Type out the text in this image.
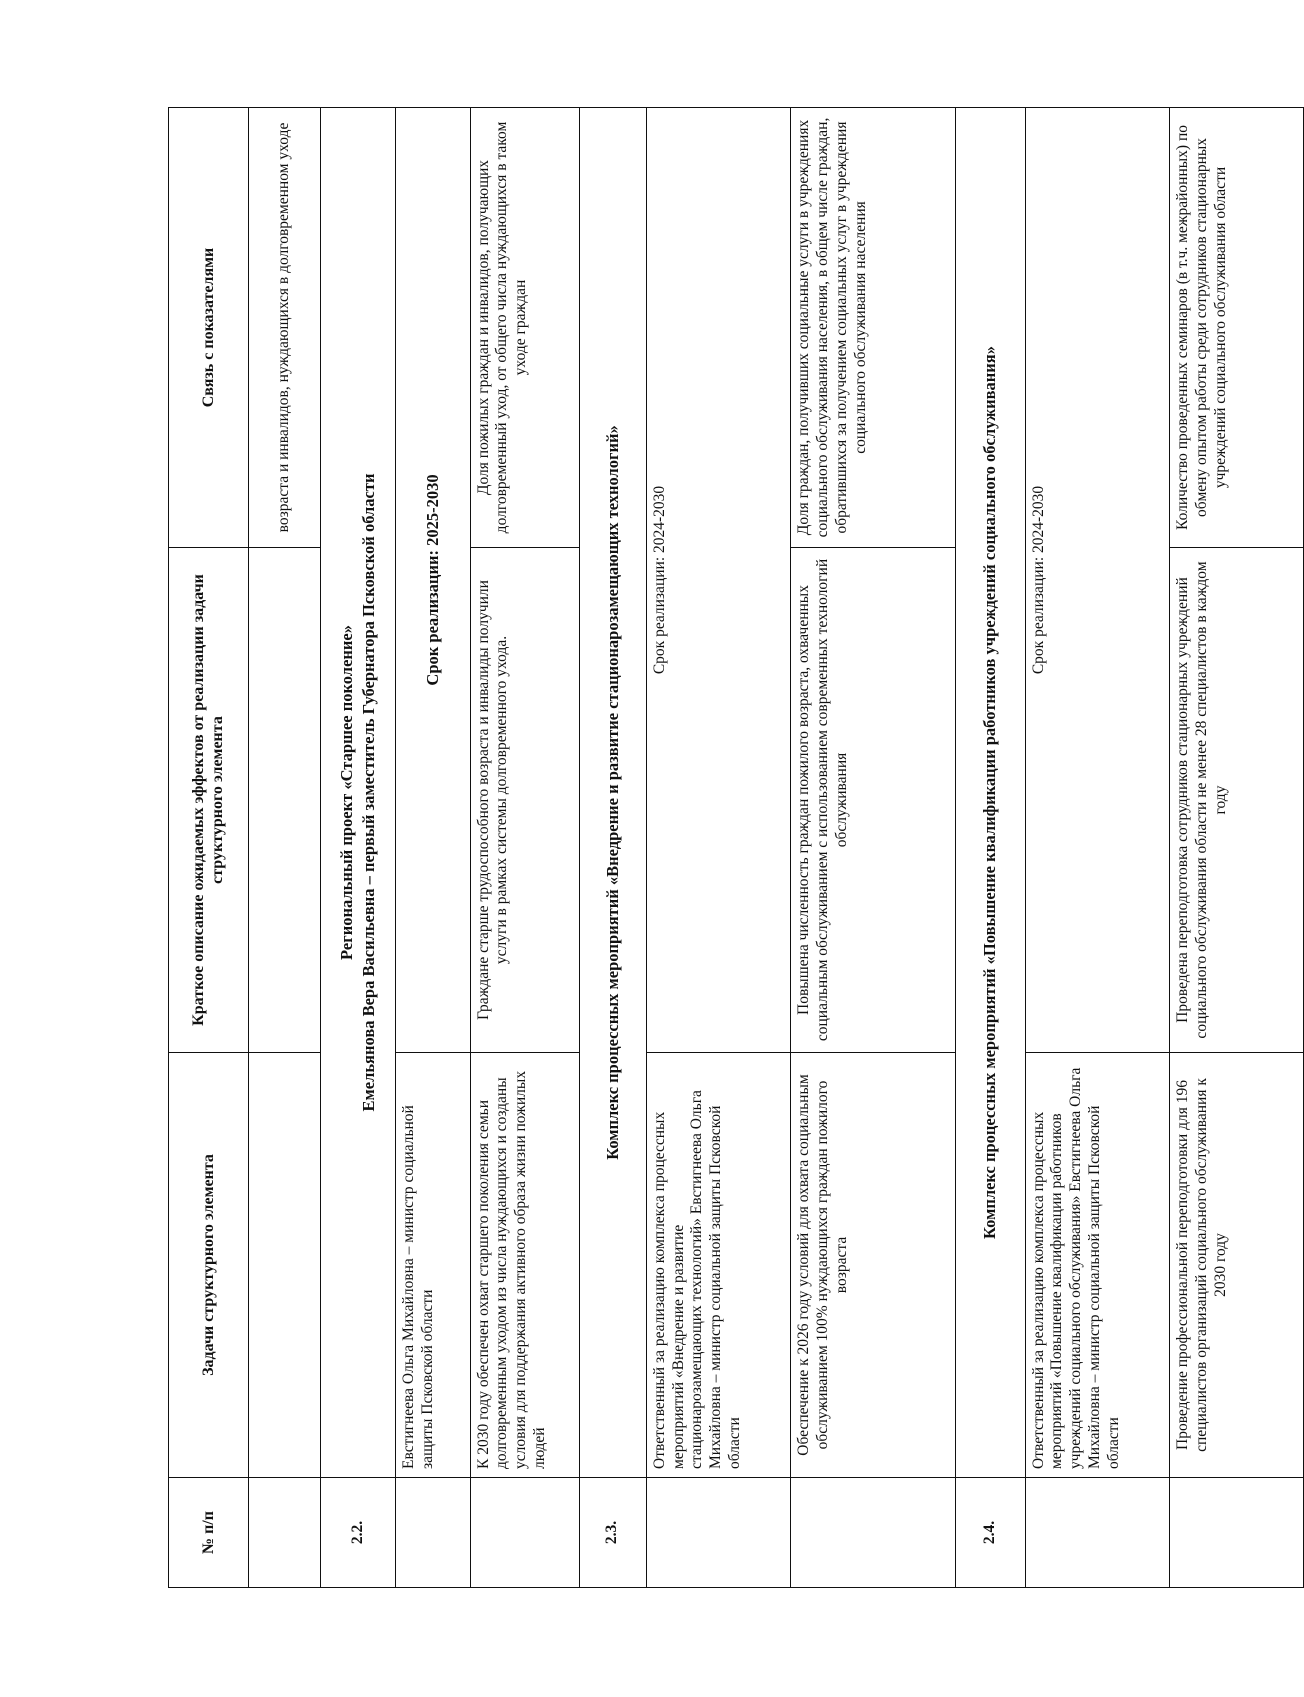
№ п/п	Задачи структурного элемента	Краткое описание ожидаемых эффектов от реализации задачи структурного элемента	Связь с показателями
			возраста и инвалидов, нуждающихся в долговременном уходе
2.2.	Региональный проект «Старшее поколение» Емельянова Вера Васильевна – первый заместитель Губернатора Псковской области		

	Евстигнеева Ольга Михайловна – министр социальной защиты Псковской области	Срок реализации: 2025-2030	
	К 2030 году обеспечен охват старшего поколения семьи долговременным уходом из числа нуждающихся и созданы условия для поддержания активного образа жизни пожилых людей	Граждане старше трудоспособного возраста и инвалиды получили услуги в рамках системы долговременного ухода.	Доля пожилых граждан и инвалидов, получающих долговременный уход, от общего числа нуждающихся в таком уходе граждан
2.3.	Комплекс процессных мероприятий «Внедрение и развитие стационарозамещающих технологий»		
	Ответственный за реализацию комплекса процессных мероприятий «Внедрение и развитие стационарозамещающих технологий» Евстигнеева Ольга Михайловна – министр социальной защиты Псковской области	Срок реализации: 2024-2030	
	Обеспечение к 2026 году условий для охвата социальным обслуживанием 100% нуждающихся граждан пожилого возраста	Повышена численность граждан пожилого возраста, охваченных социальным обслуживанием с использованием современных технологий обслуживания	Доля граждан, получивших социальные услуги в учреждениях социального обслуживания населения, в общем числе граждан, обратившихся за получением социальных услуг в учреждения социального обслуживания населения
2.4.	Комплекс процессных мероприятий «Повышение квалификации работников учреждений социального обслуживания»		
	Ответственный за реализацию комплекса процессных мероприятий «Повышение квалификации работников учреждений социального обслуживания» Евстигнеева Ольга Михайловна – министр социальной защиты Псковской области	Срок реализации: 2024-2030	
	Проведение профессиональной переподготовки для 196 специалистов организаций социального обслуживания к 2030 году	Проведена переподготовка сотрудников стационарных учреждений социального обслуживания области не менее 28 специалистов в каждом году	Количество проведенных семинаров (в т.ч. межрайонных) по обмену опытом работы среди сотрудников стационарных учреждений социального обслуживания области
